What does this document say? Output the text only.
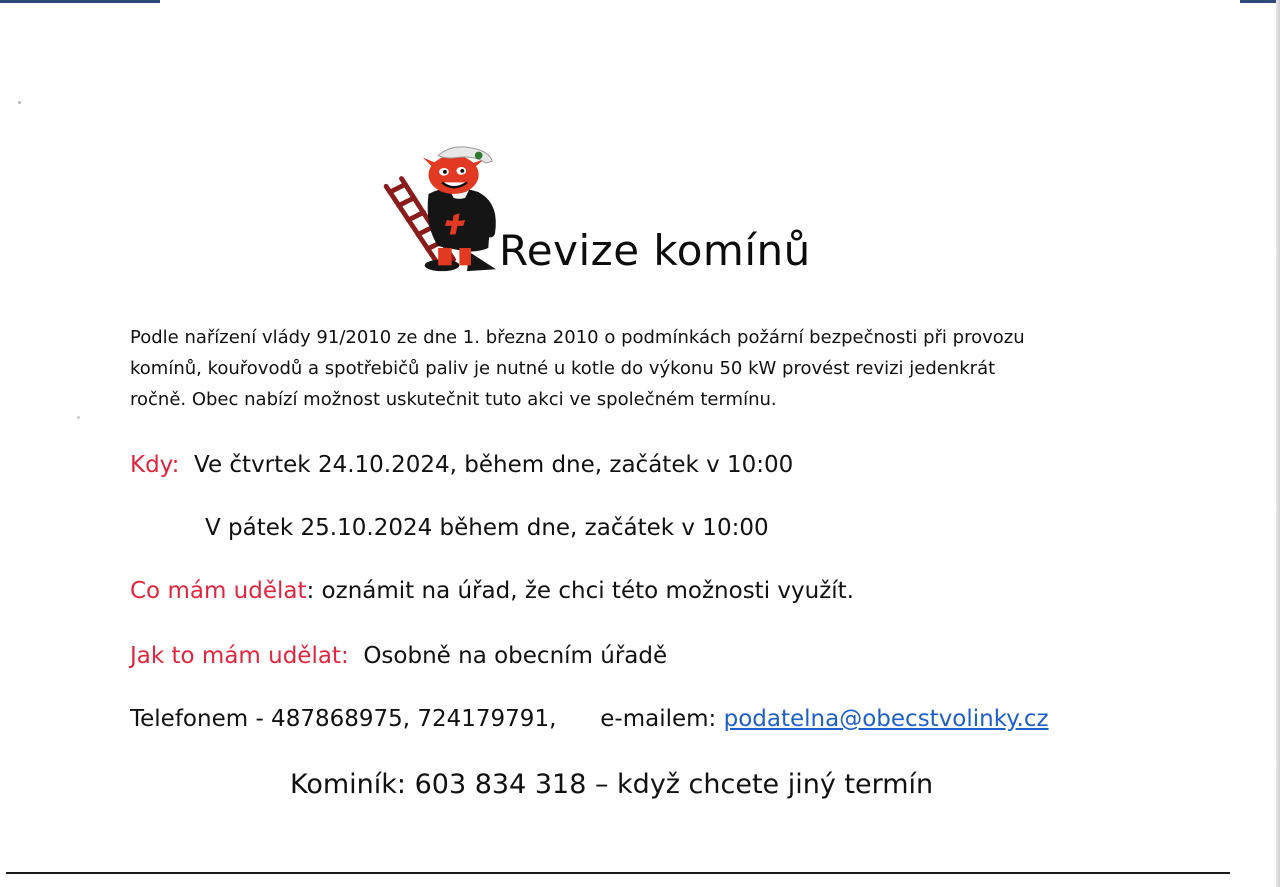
Revize komínů
Podle nařízení vlády 91/2010 ze dne 1. března 2010 o podmínkách požární bezpečnosti při provozu
komínů, kouřovodů a spotřebičů paliv je nutné u kotle do výkonu 50 kW provést revizi jedenkrát
ročně. Obec nabízí možnost uskutečnit tuto akci ve společném termínu.
Kdy: Ve čtvrtek 24.10.2024, během dne, začátek v 10:00
V pátek 25.10.2024 během dne, začátek v 10:00
Co mám udělat: oznámit na úřad, že chci této možnosti využít.
Jak to mám udělat: Osobně na obecním úřadě
Telefonem - 487868975, 724179791, e-mailem: podatelna@obecstvolinky.cz
Kominík: 603 834 318 – když chcete jiný termín
